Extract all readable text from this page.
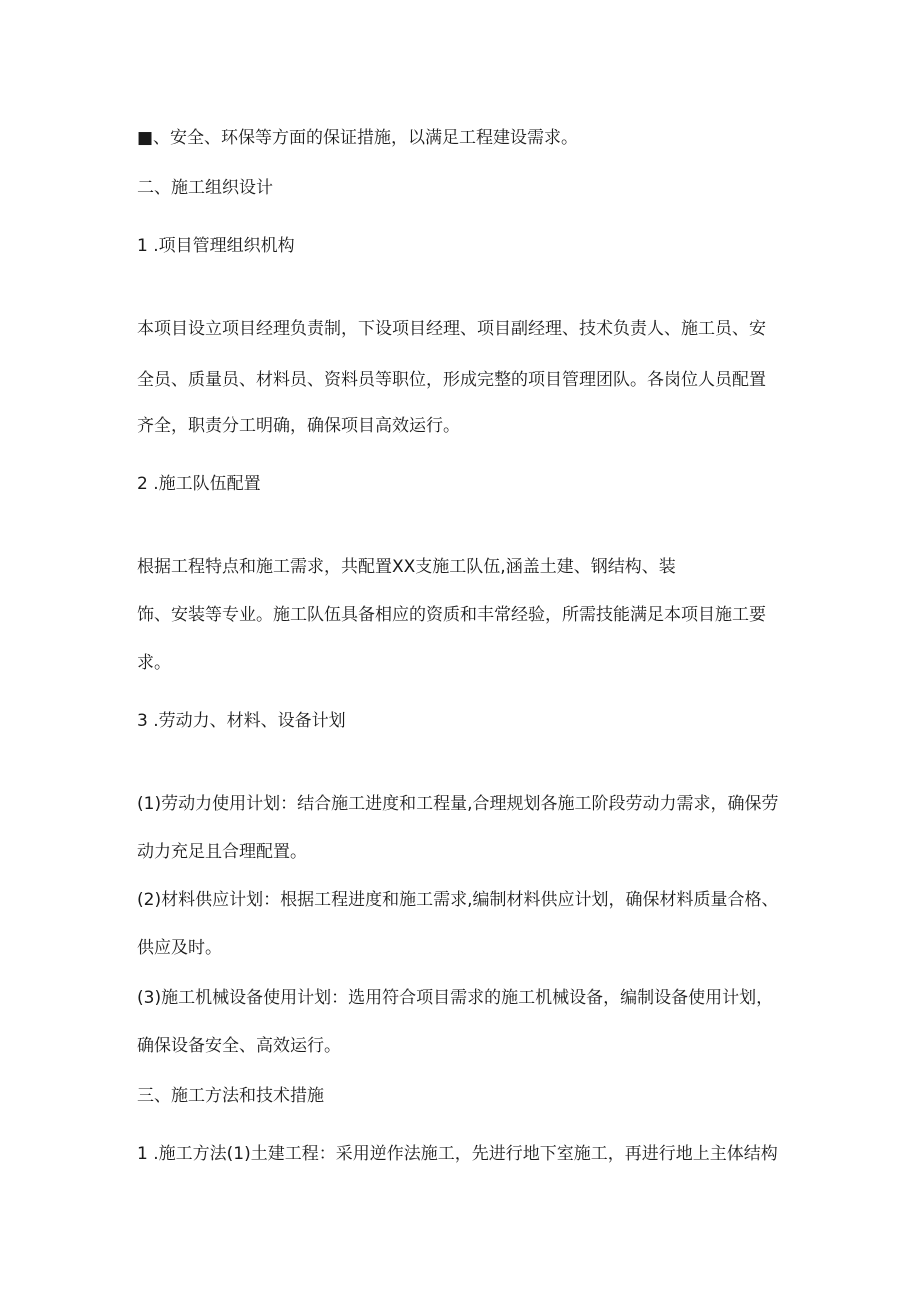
■、安全、环保等方面的保证措施，以满足工程建设需求。

二、施工组织设计

1 .项目管理组织机构

本项目设立项目经理负责制，下设项目经理、项目副经理、技术负责人、施工员、安

全员、质量员、材料员、资料员等职位，形成完整的项目管理团队。各岗位人员配置

齐全，职责分工明确，确保项目高效运行。

2 .施工队伍配置

根据工程特点和施工需求，共配置XX支施工队伍,涵盖土建、钢结构、装

饰、安装等专业。施工队伍具备相应的资质和丰常经验，所需技能满足本项目施工要

求。

3 .劳动力、材料、设备计划

(1)劳动力使用计划：结合施工进度和工程量,合理规划各施工阶段劳动力需求，确保劳

动力充足且合理配置。

(2)材料供应计划：根据工程进度和施工需求,编制材料供应计划，确保材料质量合格、

供应及时。

(3)施工机械设备使用计划：选用符合项目需求的施工机械设备，编制设备使用计划，

确保设备安全、高效运行。

三、施工方法和技术措施

1 .施工方法(1)土建工程：采用逆作法施工，先进行地下室施工，再进行地上主体结构
